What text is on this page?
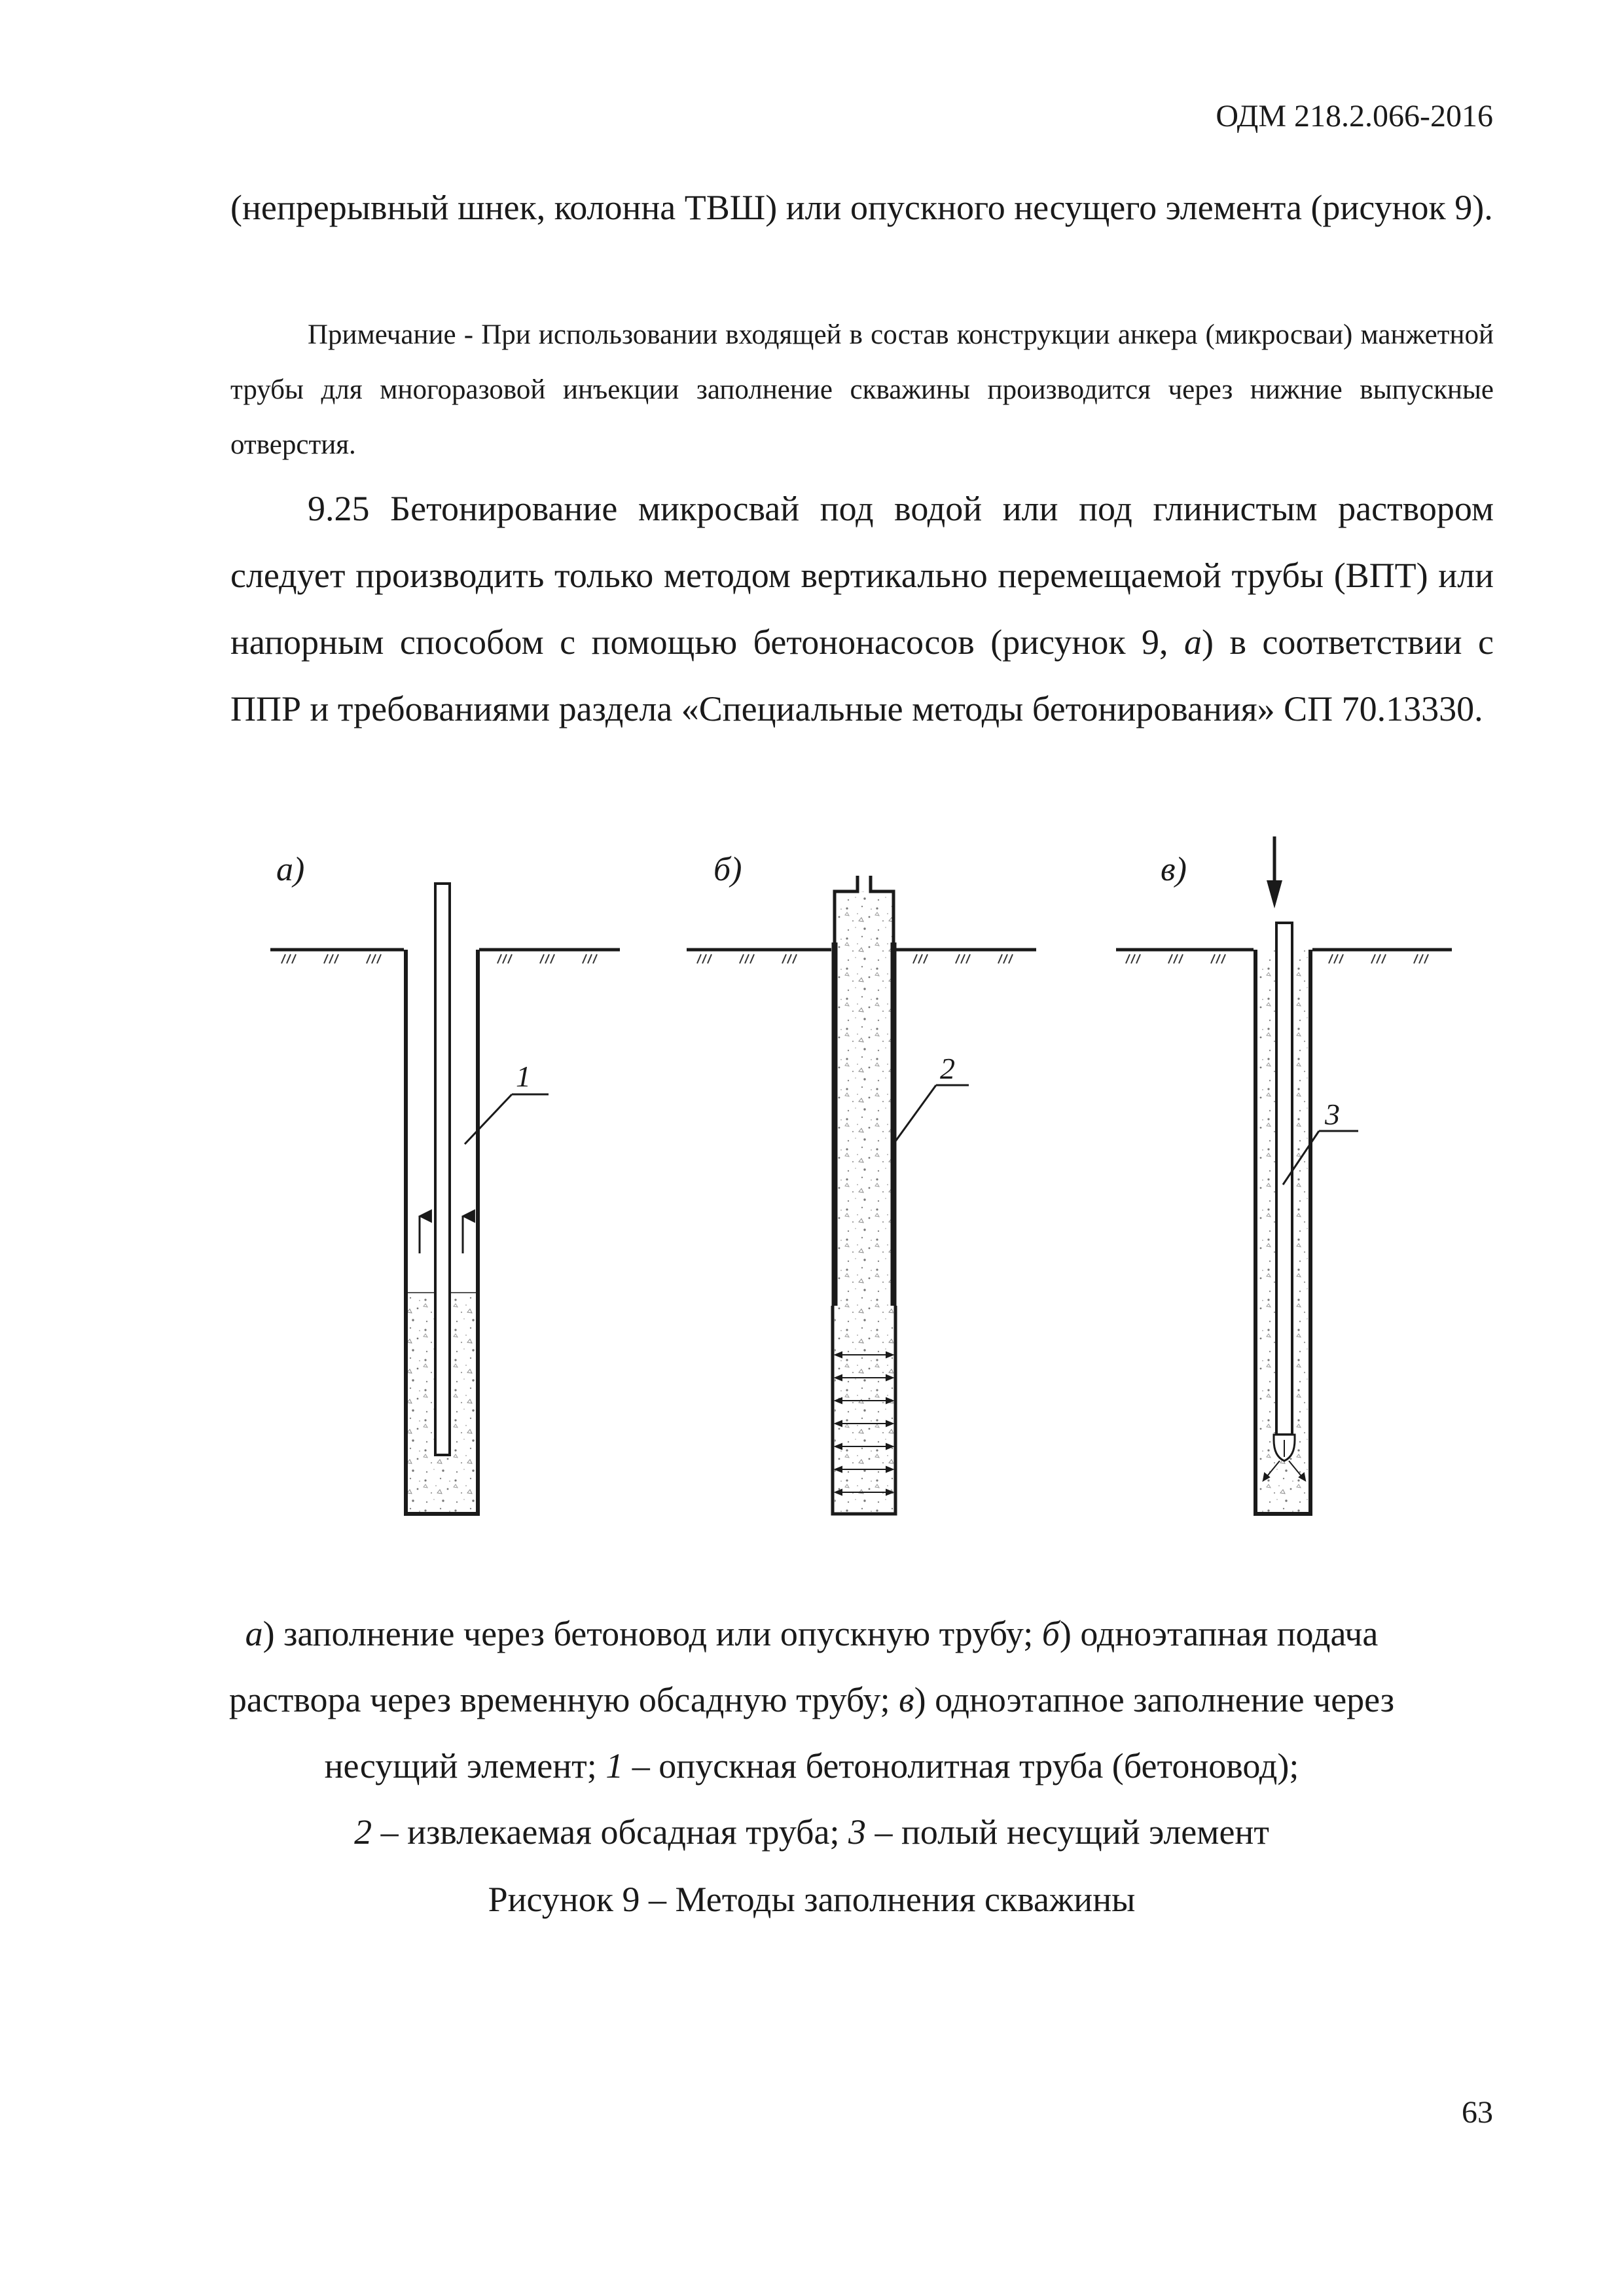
ОДМ 218.2.066-2016

(непрерывный шнек, колонна ТВШ) или опускного несущего элемента (рисунок 9).

Примечание - При использовании входящей в состав конструкции анкера (микросваи) манжетной трубы для многоразовой инъекции заполнение скважины производится через нижние выпускные отверстия.

9.25 Бетонирование микросвай под водой или под глинистым раствором следует производить только методом вертикально перемещаемой трубы (ВПТ) или напорным способом с помощью бетононасосов (рисунок 9, а) в соответствии с ППР и требованиями раздела «Специальные методы бетонирования» СП 70.13330.

а)
1
б)
2
в)
3

а) заполнение через бетоновод или опускную трубу; б) одноэтапная подача раствора через временную обсадную трубу; в) одноэтапное заполнение через несущий элемент; 1 – опускная бетонолитная труба (бетоновод);
2 – извлекаемая обсадная труба; 3 – полый несущий элемент

Рисунок 9 – Методы заполнения скважины
63
